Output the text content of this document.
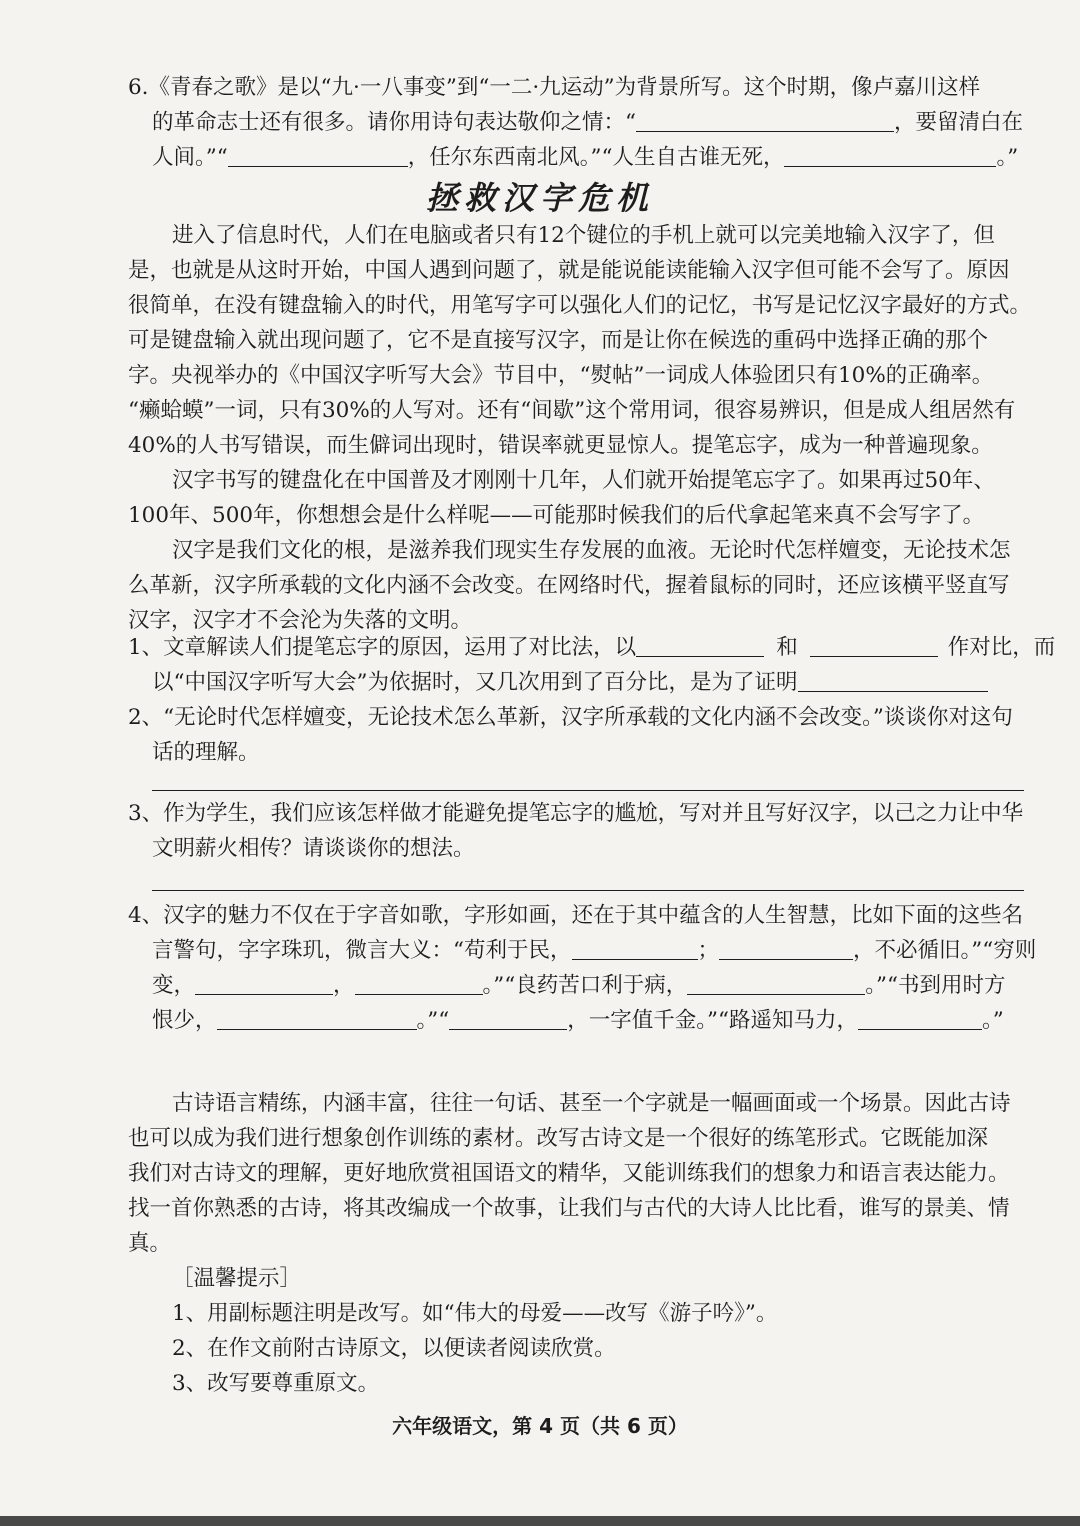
6.《青春之歌》是以“九·一八事变”到“一二·九运动”为背景所写。这个时期，像卢嘉川这样
的革命志士还有很多。请你用诗句表达敬仰之情：“	，要留清白在
人间。”“	，任尔东西南北风。”“人生自古谁无死，	。”
拯救汉字危机
进入了信息时代，人们在电脑或者只有12个键位的手机上就可以完美地输入汉字了，但
是，也就是从这时开始，中国人遇到问题了，就是能说能读能输入汉字但可能不会写了。原因
很简单，在没有键盘输入的时代，用笔写字可以强化人们的记忆，书写是记忆汉字最好的方式。
可是键盘输入就出现问题了，它不是直接写汉字，而是让你在候选的重码中选择正确的那个
字。央视举办的《中国汉字听写大会》节目中，“熨帖”一词成人体验团只有10%的正确率。
“癞蛤蟆”一词，只有30%的人写对。还有“间歇”这个常用词，很容易辨识，但是成人组居然有
40%的人书写错误，而生僻词出现时，错误率就更显惊人。提笔忘字，成为一种普遍现象。
汉字书写的键盘化在中国普及才刚刚十几年，人们就开始提笔忘字了。如果再过50年、
100年、500年，你想想会是什么样呢——可能那时候我们的后代拿起笔来真不会写字了。
汉字是我们文化的根，是滋养我们现实生存发展的血液。无论时代怎样嬗变，无论技术怎
么革新，汉字所承载的文化内涵不会改变。在网络时代，握着鼠标的同时，还应该横平竖直写
汉字，汉字才不会沦为失落的文明。
1、文章解读人们提笔忘字的原因，运用了对比法，以	和	作对比，而
以“中国汉字听写大会”为依据时，又几次用到了百分比，是为了证明
2、“无论时代怎样嬗变，无论技术怎么革新，汉字所承载的文化内涵不会改变。”谈谈你对这句
话的理解。
3、作为学生，我们应该怎样做才能避免提笔忘字的尴尬，写对并且写好汉字，以己之力让中华
文明薪火相传？请谈谈你的想法。
4、汉字的魅力不仅在于字音如歌，字形如画，还在于其中蕴含的人生智慧，比如下面的这些名
言警句，字字珠玑，微言大义：“苟利于民，	；	，不必循旧。”“穷则
变，	，	。”“良药苦口利于病，	。”“书到用时方
恨少，	。”“	，一字值千金。”“路遥知马力，	。”
古诗语言精练，内涵丰富，往往一句话、甚至一个字就是一幅画面或一个场景。因此古诗
也可以成为我们进行想象创作训练的素材。改写古诗文是一个很好的练笔形式。它既能加深
我们对古诗文的理解，更好地欣赏祖国语文的精华，又能训练我们的想象力和语言表达能力。
找一首你熟悉的古诗，将其改编成一个故事，让我们与古代的大诗人比比看，谁写的景美、情
真。
［温馨提示］
1、用副标题注明是改写。如“伟大的母爱——改写《游子吟》”。
2、在作文前附古诗原文，以便读者阅读欣赏。
3、改写要尊重原文。
六年级语文，第 4 页（共 6 页）
